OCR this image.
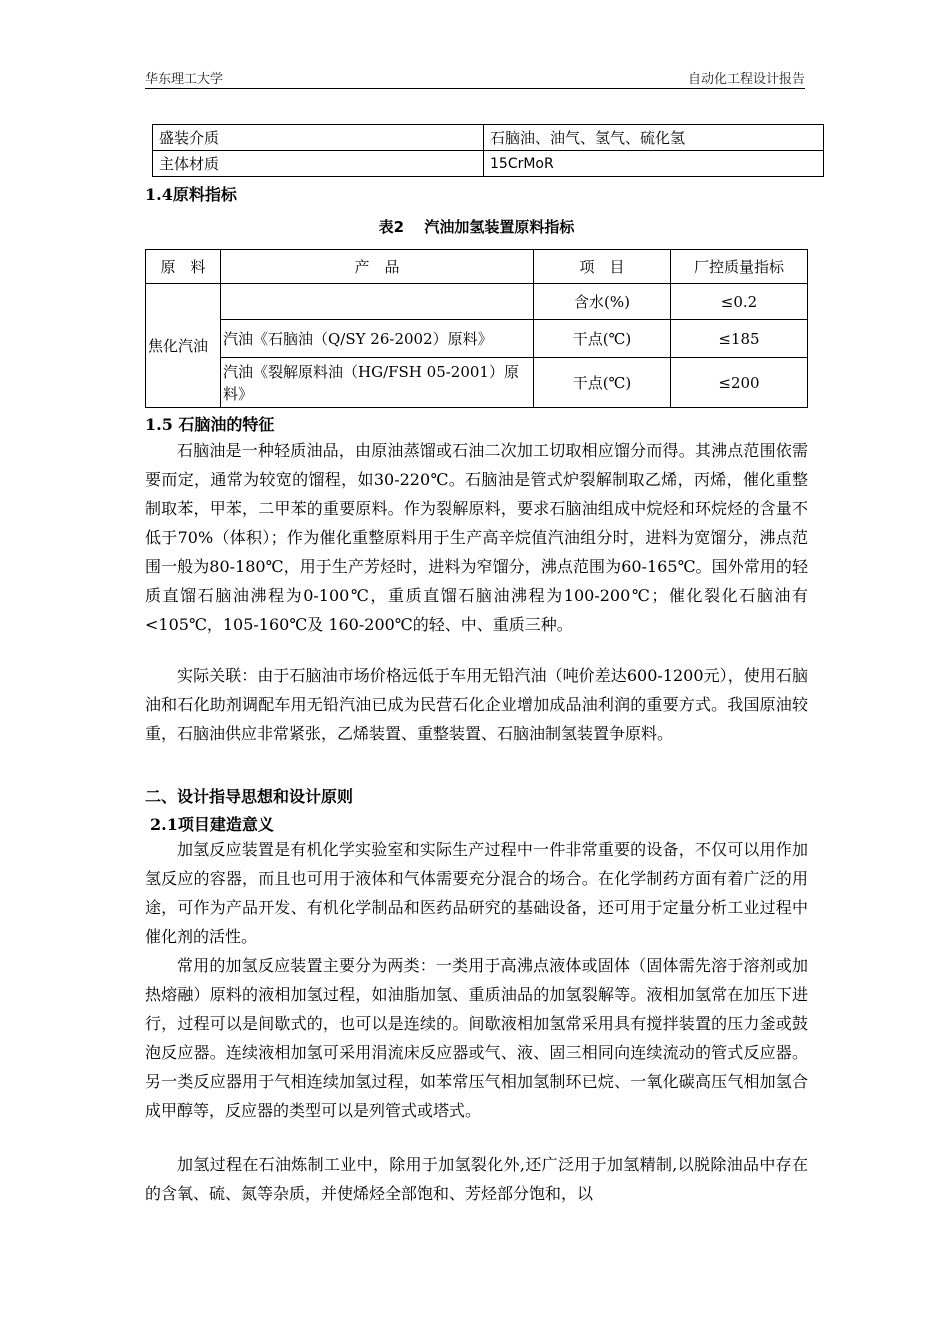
华东理工大学	自动化工程设计报告
盛装介质	石脑油、油气、氢气、硫化氢
主体材质	15CrMoR
1.4原料指标
表2　 汽油加氢装置原料指标
原　料	产　品	项　目	厂控质量指标
焦化汽油		含水(%)	≤0.2
	汽油《石脑油（Q/SY 26-2002）原料》	干点(℃)	≤185
	汽油《裂解原料油（HG/FSH 05-2001）原料》	干点(℃)	≤200
1.5 石脑油的特征

石脑油是一种轻质油品，由原油蒸馏或石油二次加工切取相应馏分而得。其沸点范围依需要而定，通常为较宽的馏程，如30-220℃。石脑油是管式炉裂解制取乙烯，丙烯，催化重整制取苯，甲苯，二甲苯的重要原料。作为裂解原料，要求石脑油组成中烷烃和环烷烃的含量不低于70%（体积）；作为催化重整原料用于生产高辛烷值汽油组分时，进料为宽馏分，沸点范围一般为80-180℃，用于生产芳烃时，进料为窄馏分，沸点范围为60-165℃。国外常用的轻质直馏石脑油沸程为0-100℃，重质直馏石脑油沸程为100-200℃；催化裂化石脑油有<105℃，105-160℃及 160-200℃的轻、中、重质三种。

实际关联：由于石脑油市场价格远低于车用无铅汽油（吨价差达600-1200元），使用石脑油和石化助剂调配车用无铅汽油已成为民营石化企业增加成品油利润的重要方式。我国原油较重，石脑油供应非常紧张，乙烯装置、重整装置、石脑油制氢装置争原料。

二、设计指导思想和设计原则
2.1项目建造意义

加氢反应装置是有机化学实验室和实际生产过程中一件非常重要的设备，不仅可以用作加氢反应的容器，而且也可用于液体和气体需要充分混合的场合。在化学制药方面有着广泛的用途，可作为产品开发、有机化学制品和医药品研究的基础设备，还可用于定量分析工业过程中催化剂的活性。

常用的加氢反应装置主要分为两类：一类用于高沸点液体或固体（固体需先溶于溶剂或加热熔融）原料的液相加氢过程，如油脂加氢、重质油品的加氢裂解等。液相加氢常在加压下进行，过程可以是间歇式的，也可以是连续的。间歇液相加氢常采用具有搅拌装置的压力釜或鼓泡反应器。连续液相加氢可采用涓流床反应器或气、液、固三相同向连续流动的管式反应器。另一类反应器用于气相连续加氢过程，如苯常压气相加氢制环已烷、一氧化碳高压气相加氢合成甲醇等，反应器的类型可以是列管式或塔式。

加氢过程在石油炼制工业中，除用于加氢裂化外,还广泛用于加氢精制,以脱除油品中存在的含氧、硫、氮等杂质，并使烯烃全部饱和、芳烃部分饱和，以
